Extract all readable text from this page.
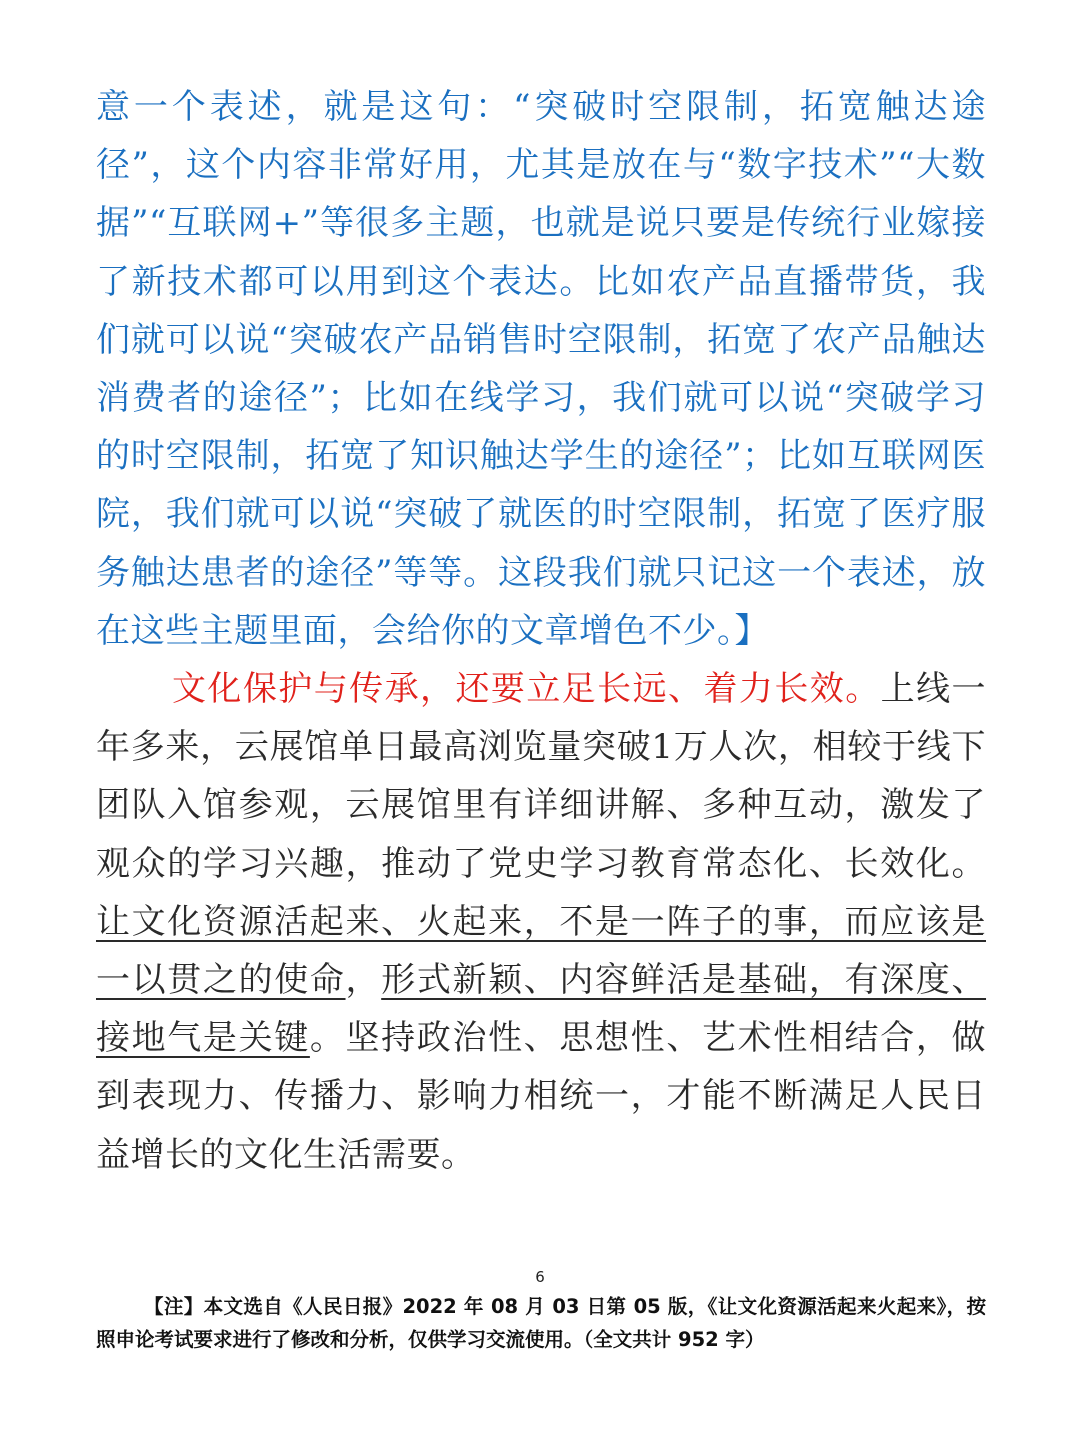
意一个表述，就是这句：“突破时空限制，拓宽触达途径”，这个内容非常好用，尤其是放在与“数字技术”“大数据”“互联网+”等很多主题，也就是说只要是传统行业嫁接了新技术都可以用到这个表达。比如农产品直播带货，我们就可以说“突破农产品销售时空限制，拓宽了农产品触达消费者的途径”；比如在线学习，我们就可以说“突破学习的时空限制，拓宽了知识触达学生的途径”；比如互联网医院，我们就可以说“突破了就医的时空限制，拓宽了医疗服务触达患者的途径”等等。这段我们就只记这一个表述，放在这些主题里面，会给你的文章增色不少。】

文化保护与传承，还要立足长远、着力长效。上线一年多来，云展馆单日最高浏览量突破1万人次，相较于线下团队入馆参观，云展馆里有详细讲解、多种互动，激发了观众的学习兴趣，推动了党史学习教育常态化、长效化。让文化资源活起来、火起来，不是一阵子的事，而应该是一以贯之的使命，形式新颖、内容鲜活是基础，有深度、接地气是关键。坚持政治性、思想性、艺术性相结合，做到表现力、传播力、影响力相统一，才能不断满足人民日益增长的文化生活需要。

6

【注】本文选自《人民日报》2022 年 08 月 03 日第 05 版，《让文化资源活起来火起来》，按照申论考试要求进行了修改和分析，仅供学习交流使用。（全文共计 952 字）
